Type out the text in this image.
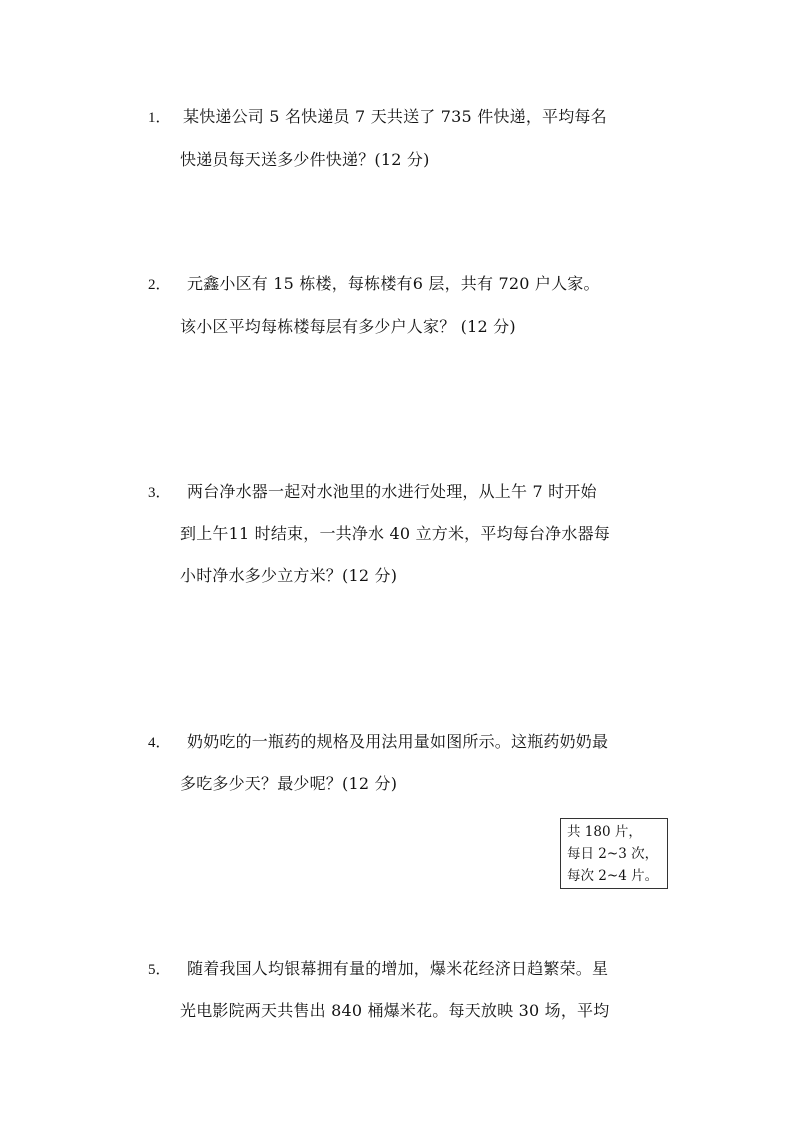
1． 某快递公司 5 名快递员 7 天共送了 735 件快递，平均每名
快递员每天送多少件快递？(12 分)
2． 元鑫小区有 15 栋楼，每栋楼有6 层，共有 720 户人家。
该小区平均每栋楼每层有多少户人家？ (12 分)
3． 两台净水器一起对水池里的水进行处理，从上午 7 时开始
到上午11 时结束，一共净水 40 立方米，平均每台净水器每
小时净水多少立方米？(12 分)
4． 奶奶吃的一瓶药的规格及用法用量如图所示。这瓶药奶奶最
多吃多少天？最少呢？(12 分)
共 180 片，
每日 2~3 次，
每次 2~4 片。
5． 随着我国人均银幕拥有量的增加，爆米花经济日趋繁荣。星
光电影院两天共售出 840 桶爆米花。每天放映 30 场，平均
